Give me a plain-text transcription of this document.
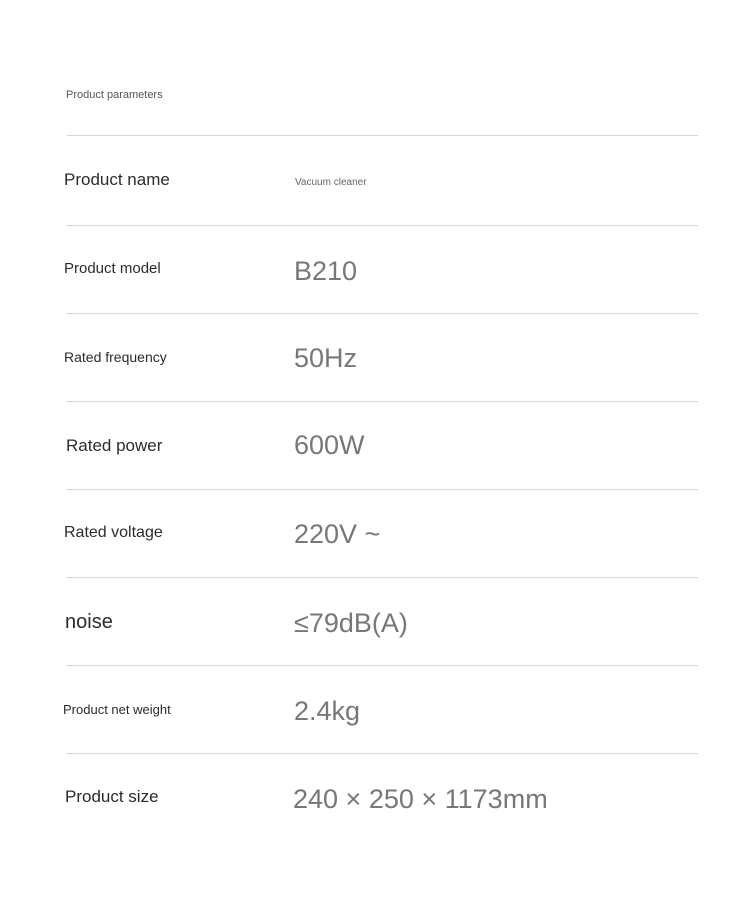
Product parameters
Product name	Vacuum cleaner
Product model	B210
Rated frequency	50Hz
Rated power	600W
Rated voltage	220V ~
noise	≤79dB(A)
Product net weight	2.4kg
Product size	240 × 250 × 1173mm
